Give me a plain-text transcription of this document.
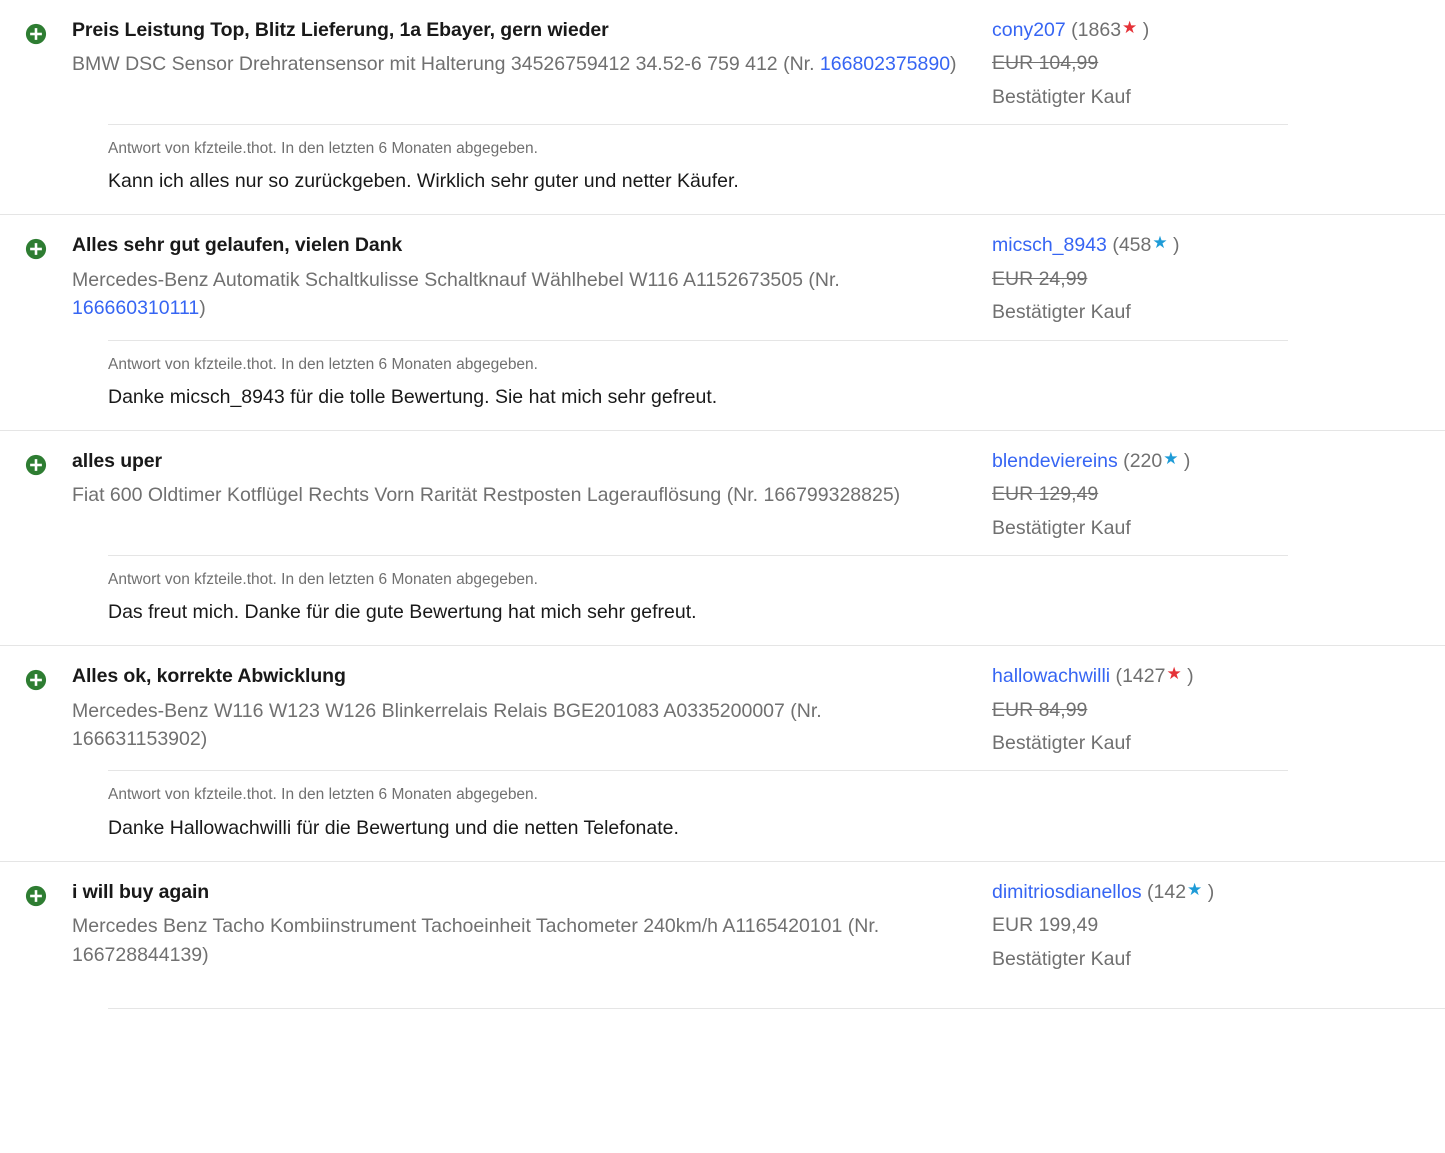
Preis Leistung Top, Blitz Lieferung, 1a Ebayer, gern wieder
BMW DSC Sensor Drehratensensor mit Halterung 34526759412 34.52-6 759 412 (Nr. 166802375890)
cony207 (1863★ )
EUR 104,99
Bestätigter Kauf
Antwort von kfzteile.thot. In den letzten 6 Monaten abgegeben.
Kann ich alles nur so zurückgeben. Wirklich sehr guter und netter Käufer.
Alles sehr gut gelaufen, vielen Dank
Mercedes-Benz Automatik Schaltkulisse Schaltknauf Wählhebel W116 A1152673505 (Nr. 166660310111)
micsch_8943 (458★ )
EUR 24,99
Bestätigter Kauf
Antwort von kfzteile.thot. In den letzten 6 Monaten abgegeben.
Danke micsch_8943 für die tolle Bewertung. Sie hat mich sehr gefreut.
alles uper
Fiat 600 Oldtimer Kotflügel Rechts Vorn Rarität Restposten Lagerauflösung (Nr. 166799328825)
blendeviereins (220★ )
EUR 129,49
Bestätigter Kauf
Antwort von kfzteile.thot. In den letzten 6 Monaten abgegeben.
Das freut mich. Danke für die gute Bewertung hat mich sehr gefreut.
Alles ok, korrekte Abwicklung
Mercedes-Benz W116 W123 W126 Blinkerrelais Relais BGE201083 A0335200007 (Nr. 166631153902)
hallowachwilli (1427★ )
EUR 84,99
Bestätigter Kauf
Antwort von kfzteile.thot. In den letzten 6 Monaten abgegeben.
Danke Hallowachwilli für die Bewertung und die netten Telefonate.
i will buy again
Mercedes Benz Tacho Kombiinstrument Tachoeinheit Tachometer 240km/h A1165420101 (Nr. 166728844139)
dimitriosdianellos (142★ )
EUR 199,49
Bestätigter Kauf
